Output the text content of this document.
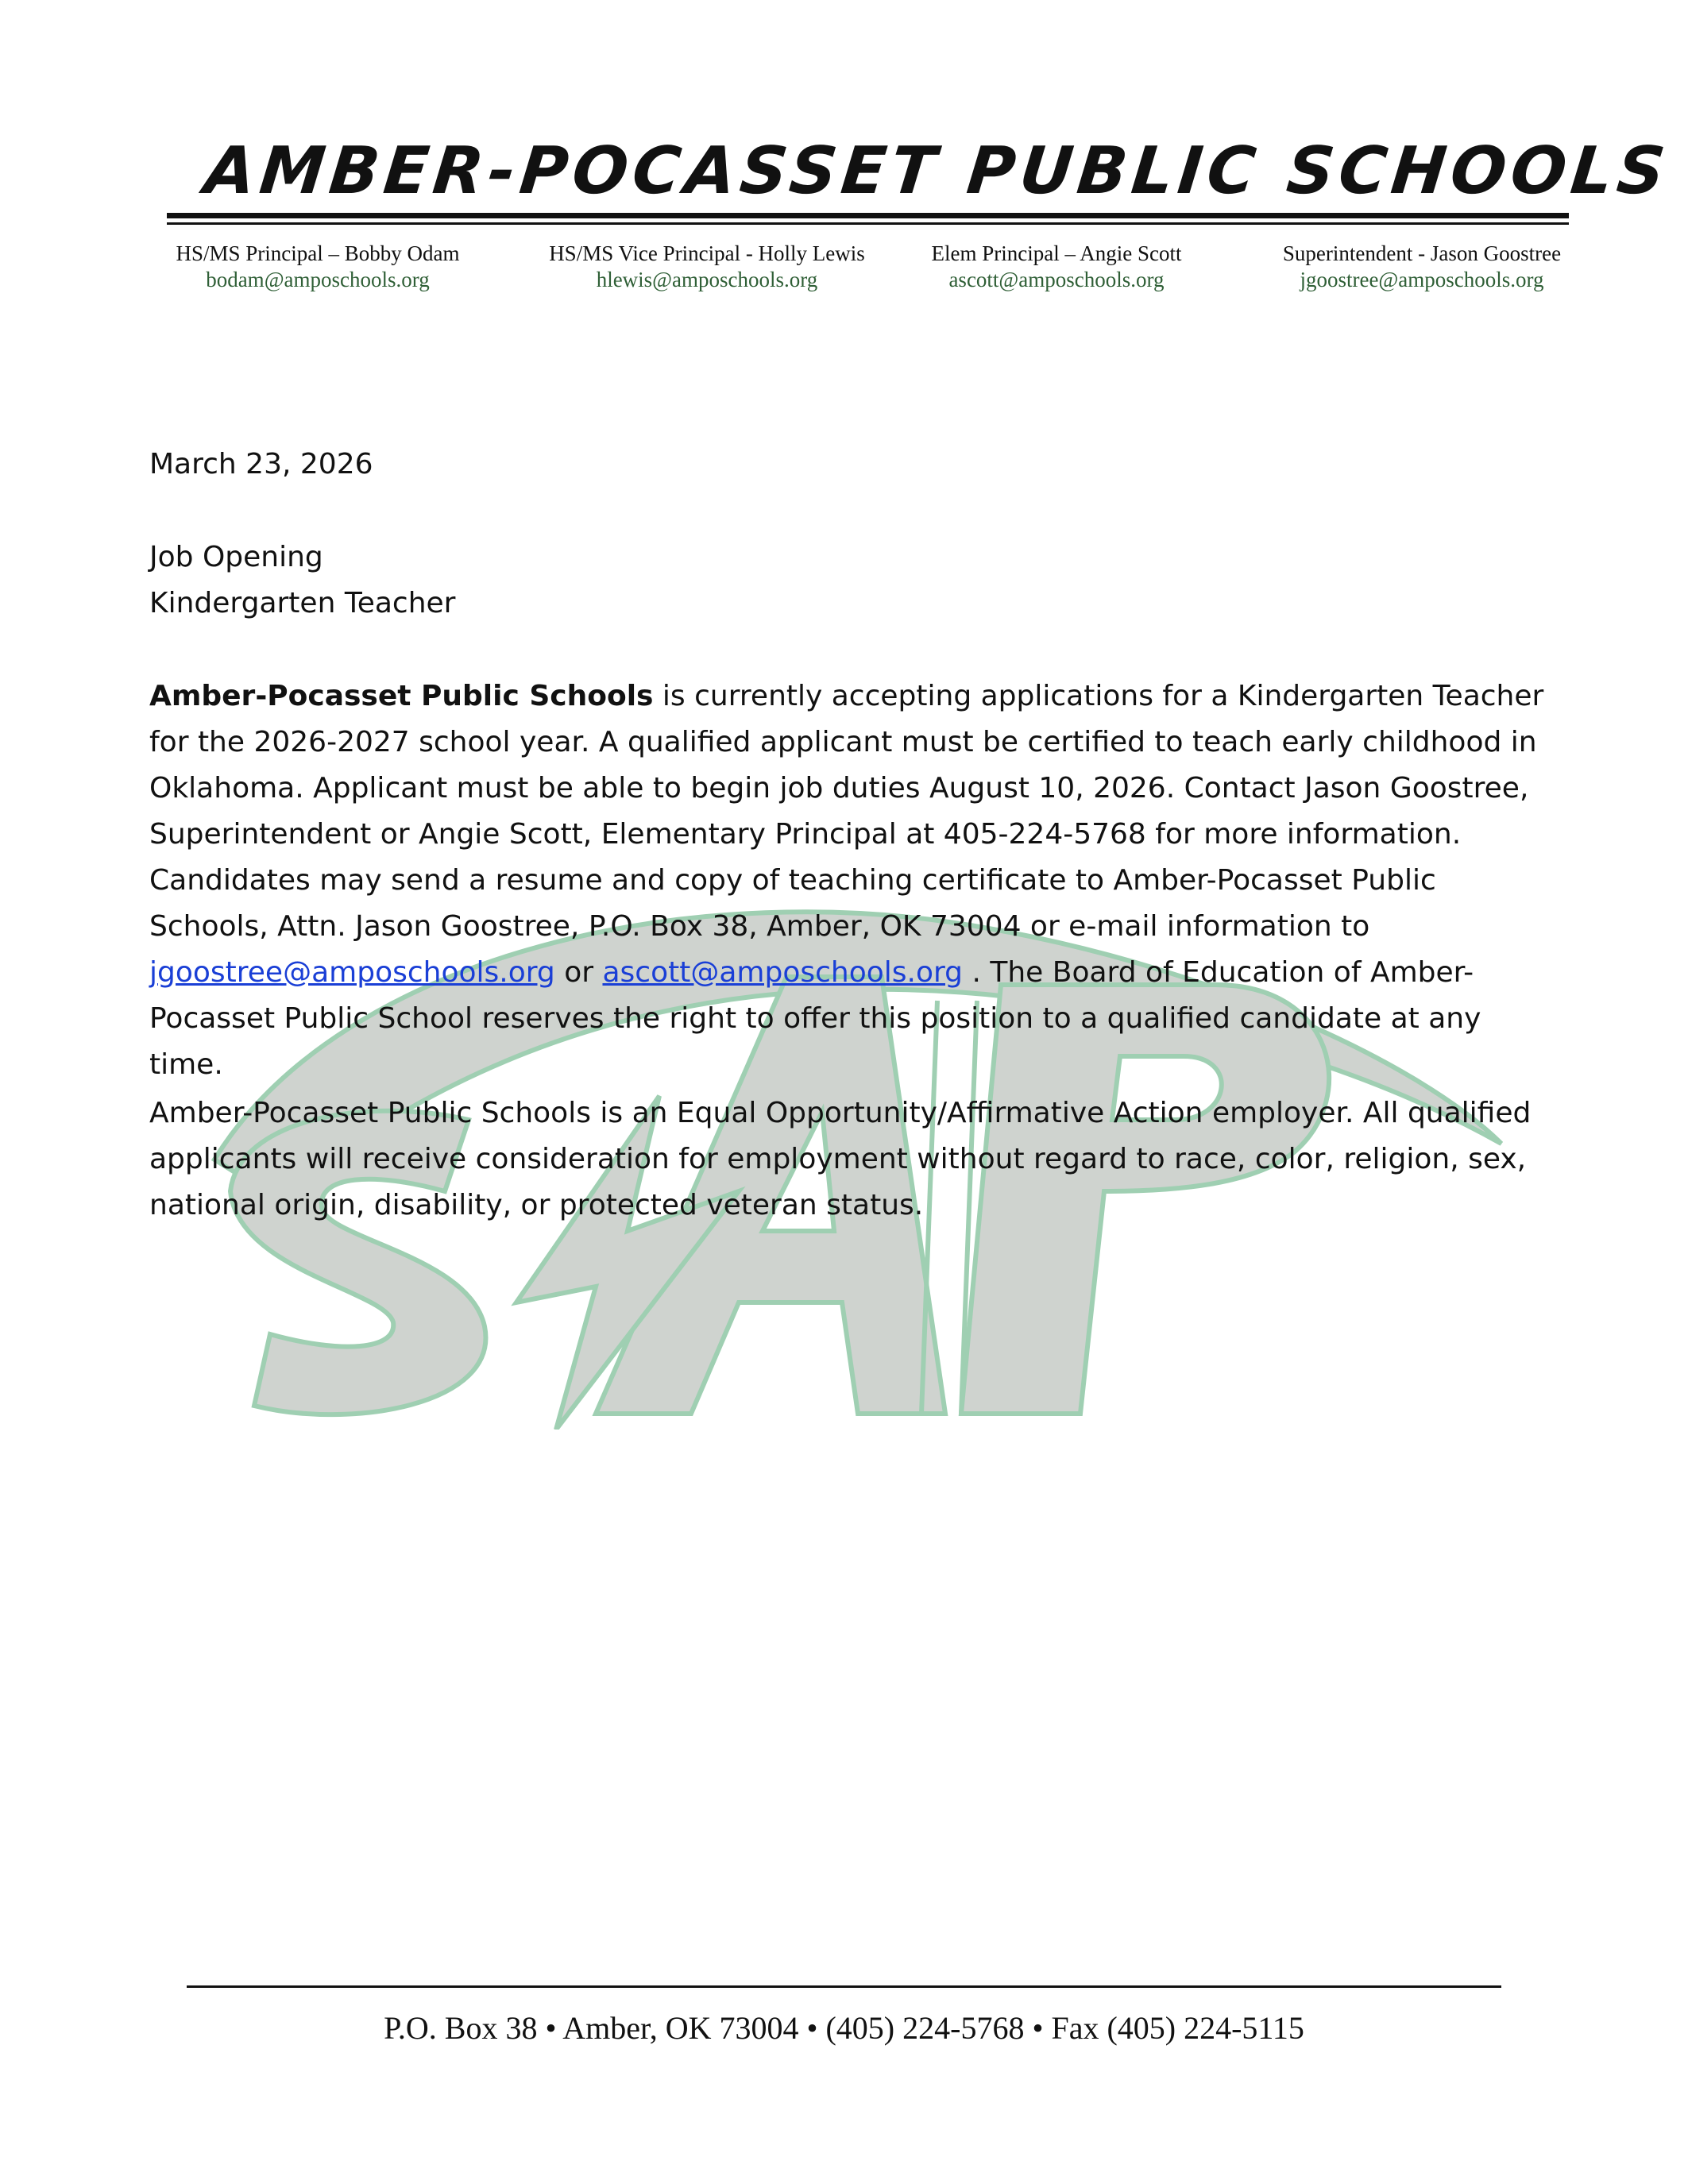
AMBER-POCASSET PUBLIC SCHOOLS
HS/MS Principal – Bobby Odam
bodam@amposchools.org
HS/MS Vice Principal - Holly Lewis
hlewis@amposchools.org
Elem Principal – Angie Scott
ascott@amposchools.org
Superintendent - Jason Goostree
jgoostree@amposchools.org
March 23, 2026
Job Opening
Kindergarten Teacher
Amber-Pocasset Public Schools is currently accepting applications for a Kindergarten Teacher for the 2026-2027 school year. A qualified applicant must be certified to teach early childhood in Oklahoma. Applicant must be able to begin job duties August 10, 2026. Contact Jason Goostree, Superintendent or Angie Scott, Elementary Principal at 405-224-5768 for more information. Candidates may send a resume and copy of teaching certificate to Amber-Pocasset Public Schools, Attn. Jason Goostree, P.O. Box 38, Amber, OK 73004 or e-mail information to jgoostree@amposchools.org or ascott@amposchools.org . The Board of Education of Amber-Pocasset Public School reserves the right to offer this position to a qualified candidate at any time.
Amber-Pocasset Public Schools is an Equal Opportunity/Affirmative Action employer. All qualified applicants will receive consideration for employment without regard to race, color, religion, sex, national origin, disability, or protected veteran status.
P.O. Box 38 • Amber, OK 73004 • (405) 224-5768 • Fax (405) 224-5115
